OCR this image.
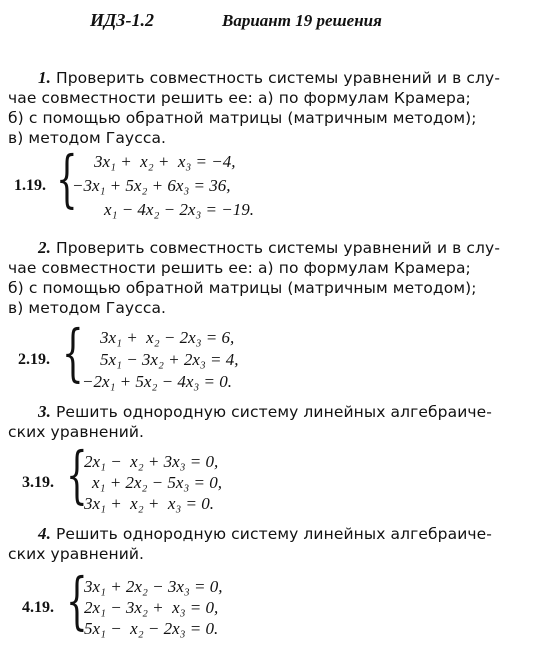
ИДЗ-1.2	Вариант 19 решения
1. Проверить совместность системы уравнений и в слу-
чае совместности решить ее: а) по формулам Крамера;
б) с помощью обратной матрицы (матричным методом);
в) методом Гаусса.
1.19. { 3x₁ +  x₂ +  x₃ = −4,
−3x₁ + 5x₂ + 6x₃ = 36,
x₁ − 4x₂ − 2x₃ = −19.
2. Проверить совместность системы уравнений и в слу-
чае совместности решить ее: а) по формулам Крамера;
б) с помощью обратной матрицы (матричным методом);
в) методом Гаусса.
2.19. { 3x₁ +  x₂ − 2x₃ = 6,
5x₁ − 3x₂ + 2x₃ = 4,
−2x₁ + 5x₂ − 4x₃ = 0.
3. Решить однородную систему линейных алгебраиче-
ских уравнений.
3.19. {
2x₁ −  x₂ + 3x₃ = 0,
x₁ + 2x₂ − 5x₃ = 0,
3x₁ +  x₂ +  x₃ = 0.
4. Решить однородную систему линейных алгебраиче-
ских уравнений.
4.19. {
3x₁ + 2x₂ − 3x₃ = 0,
2x₁ − 3x₂ +  x₃ = 0,
5x₁ −  x₂ − 2x₃ = 0.
